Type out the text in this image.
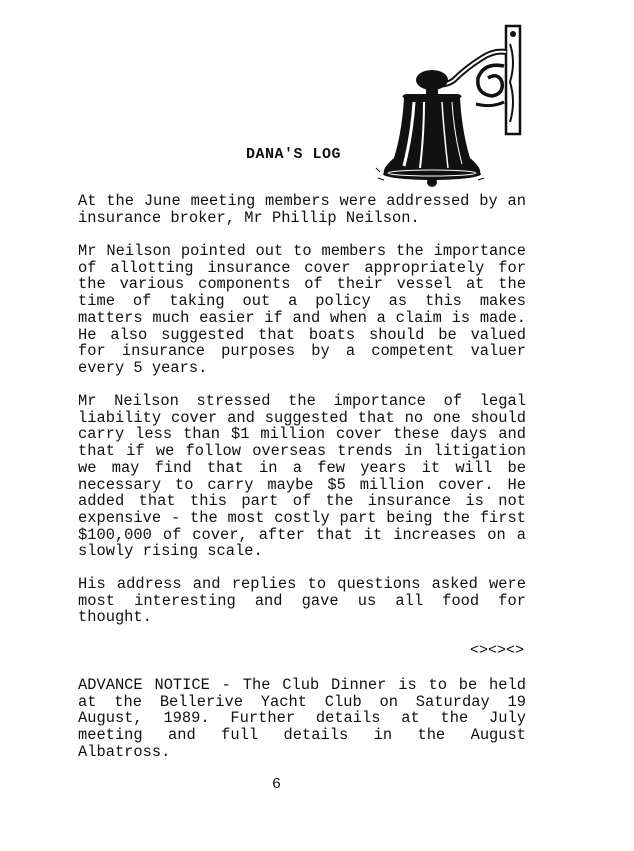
DANA'S LOG

At the June meeting members were addressed by an insurance broker, Mr Phillip Neilson.

Mr Neilson pointed out to members the importance of allotting insurance cover appropriately for the various components of their vessel at the time of taking out a policy as this makes matters much easier if and when a claim is made. He also suggested that boats should be valued for insurance purposes by a competent valuer every 5 years.

Mr Neilson stressed the importance of legal liability cover and suggested that no one should carry less than $1 million cover these days and that if we follow overseas trends in litigation we may find that in a few years it will be necessary to carry maybe $5 million cover. He added that this part of the insurance is not expensive - the most costly part being the first $100,000 of cover, after that it increases on a slowly rising scale.

His address and replies to questions asked were most interesting and gave us all food for thought.

<><><>

ADVANCE NOTICE - The Club Dinner is to be held at the Bellerive Yacht Club on Saturday 19 August, 1989. Further details at the July meeting and full details in the August Albatross.

6
